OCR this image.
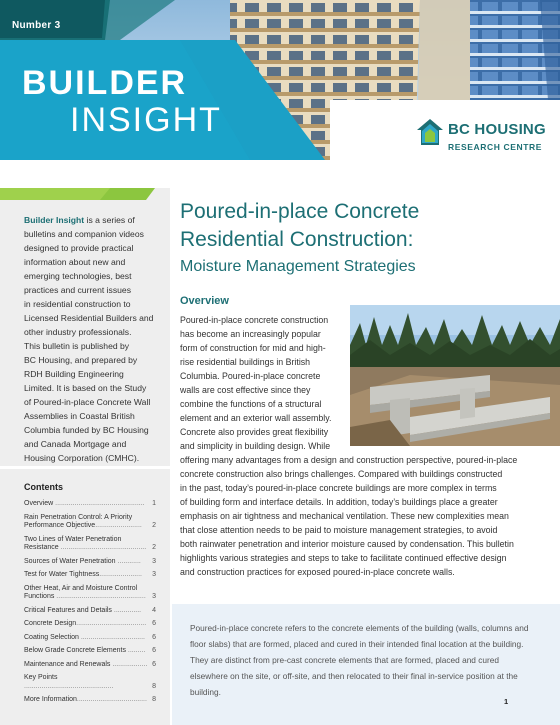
Number 3
BUILDER
INSIGHT	BC HOUSING
RESEARCH CENTRE
Builder Insight is a series of
bulletins and companion videos
designed to provide practical
information about new and
emerging technologies, best
practices and current issues
in residential construction to
Licensed Residential Builders and
other industry professionals.
This bulletin is published by
BC Housing, and prepared by
RDH Building Engineering
Limited. It is based on the Study
of Poured-in-place Concrete Wall
Assemblies in Coastal British
Columbia funded by BC Housing
and Canada Mortgage and
Housing Corporation (CMHC).
Contents
Overview .............................................. 1
Rain Penetration Control: A Priority
Performance Objective........................ 2
Two Lines of Water Penetration
Resistance ............................................ 2
Sources of Water Penetration ............ 3
Test for Water Tightness...................... 3
Other Heat, Air and Moisture Control
Functions .............................................. 3
Critical Features and Details .............. 4
Concrete Design.................................... 6
Coating Selection ................................. 6
Below Grade Concrete Elements ......... 6
Maintenance and Renewals .................. 6
Key Points ..............................................	8
More Information.................................... 8
Poured-in-place Concrete
Residential Construction:
Moisture Management Strategies
Overview
Poured-in-place concrete construction
has become an increasingly popular
form of construction for mid and high-
rise residential buildings in British
Columbia. Poured-in-place concrete
walls are cost effective since they
combine the functions of a structural
element and an exterior wall assembly.
Concrete also provides great flexibility
and simplicity in building design. While
offering many advantages from a design and construction perspective, poured-in-place
concrete construction also brings challenges. Compared with buildings constructed
in the past, today’s poured-in-place concrete buildings are more complex in terms
of building form and interface details. In addition, today’s buildings place a greater
emphasis on air tightness and mechanical ventilation. These new complexities mean
that close attention needs to be paid to moisture management strategies, to avoid
both rainwater penetration and interior moisture caused by condensation. This bulletin
highlights various strategies and steps to take to facilitate continued effective design
and construction practices for exposed poured-in-place concrete walls.
Poured-in-place concrete refers to the concrete elements of the building (walls, columns and floor slabs) that are formed, placed and cured in their intended final location at the building. They are distinct from pre-cast concrete elements that are formed, placed and cured elsewhere on the site, or off-site, and then relocated to their final in-service position at the building.
1
